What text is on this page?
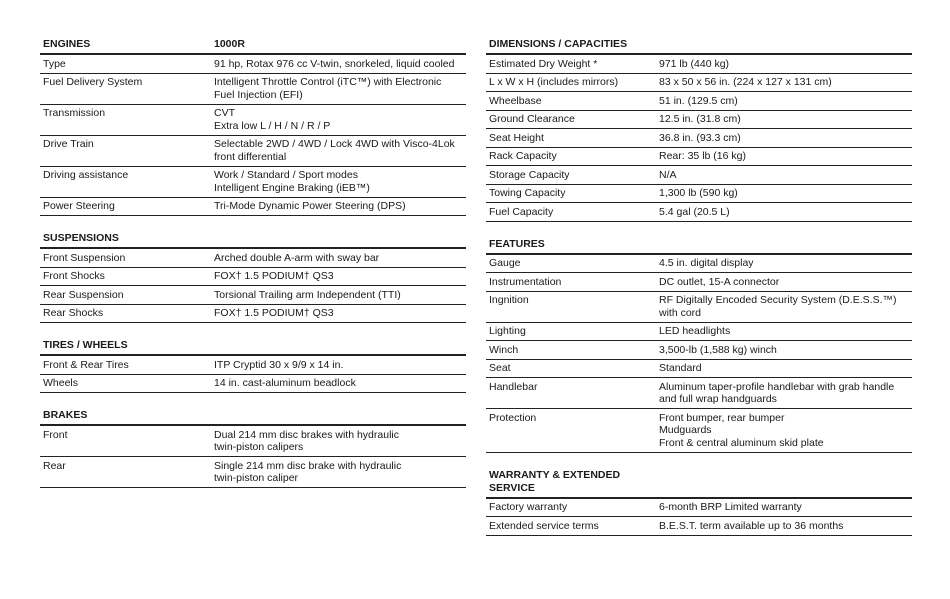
ENGINES	1000R
Type	91 hp, Rotax 976 cc V-twin, snorkeled, liquid cooled
Fuel Delivery System	Intelligent Throttle Control (iTC™) with Electronic
Fuel Injection (EFI)
Transmission	CVT
Extra low L / H / N / R / P
Drive Train	Selectable 2WD / 4WD / Lock 4WD with Visco-4Lok
front differential
Driving assistance	Work / Standard / Sport modes
Intelligent Engine Braking (iEB™)
Power Steering	Tri-Mode Dynamic Power Steering (DPS)
SUSPENSIONS
Front Suspension	Arched double A-arm with sway bar
Front Shocks	FOX† 1.5 PODIUM† QS3
Rear Suspension	Torsional Trailing arm Independent (TTI)
Rear Shocks	FOX† 1.5 PODIUM† QS3
TIRES / WHEELS
Front & Rear Tires	ITP Cryptid 30 x 9/9 x 14 in.
Wheels	14 in. cast-aluminum beadlock
BRAKES
Front	Dual 214 mm disc brakes with hydraulic
twin-piston calipers
Rear	Single 214 mm disc brake with hydraulic
twin-piston caliper
DIMENSIONS / CAPACITIES
Estimated Dry Weight *	971 lb (440 kg)
L x W x H (includes mirrors)	83 x 50 x 56 in. (224 x 127 x 131 cm)
Wheelbase	51 in. (129.5 cm)
Ground Clearance	12.5 in. (31.8 cm)
Seat Height	36.8 in. (93.3 cm)
Rack Capacity	Rear: 35 lb (16 kg)
Storage Capacity	N/A
Towing Capacity	1,300 lb (590 kg)
Fuel Capacity	5.4 gal (20.5 L)
FEATURES
Gauge	4.5 in. digital display
Instrumentation	DC outlet, 15-A connector
Ingnition	RF Digitally Encoded Security System (D.E.S.S.™)
with cord
Lighting	LED headlights
Winch	3,500-lb (1,588 kg) winch
Seat	Standard
Handlebar	Aluminum taper-profile handlebar with grab handle
and full wrap handguards
Protection	Front bumper, rear bumper
Mudguards
Front & central aluminum skid plate
WARRANTY & EXTENDED SERVICE
Factory warranty	6-month BRP Limited warranty
Extended service terms	B.E.S.T. term available up to 36 months
